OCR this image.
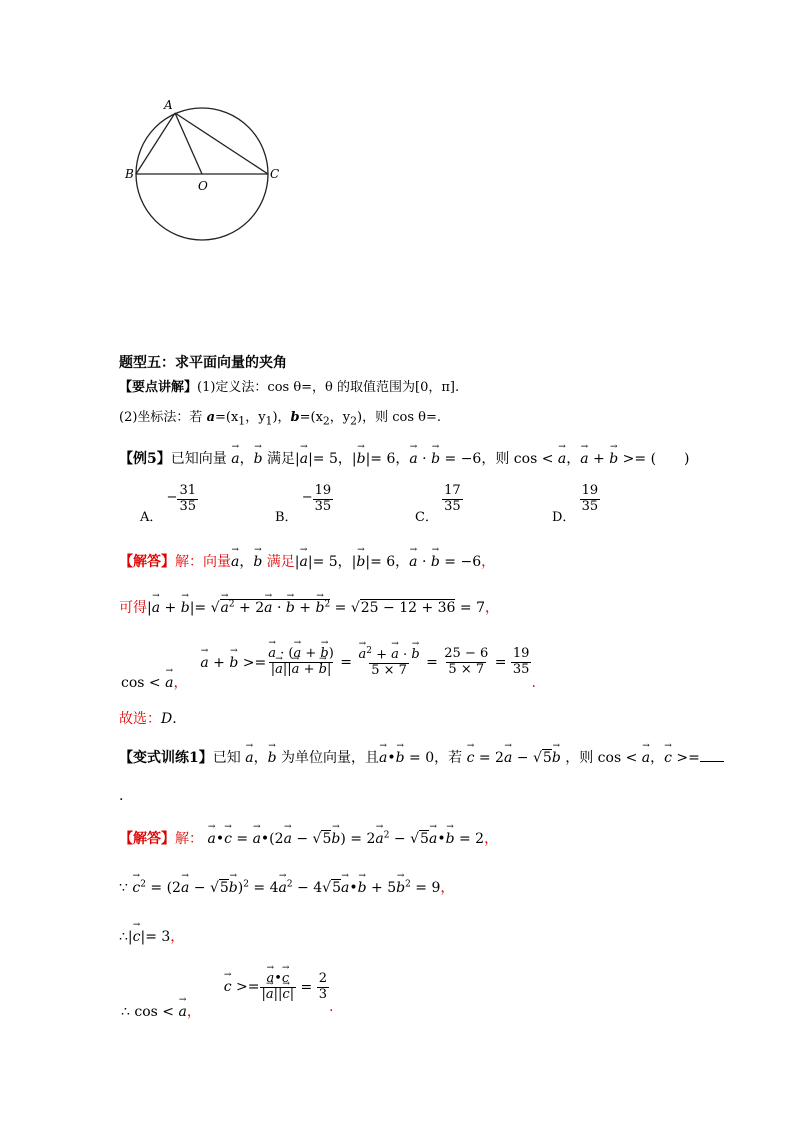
A
B
O
C
题型五：求平面向量的夹角
【要点讲解】(1)定义法：cos θ=，θ 的取值范围为[0，π].
(2)坐标法：若 $a=(x_1$，$y_1$)，$b=(x_2$，$y_2$)，则 cos θ=.
【例5】已知向量 → a，→ b 满足|→ a|= 5，|→ b|= 6，→ a · → b = −6，则 cos < → a，→ a + → b >= (　　)
A． − $\frac{31}{35}$
B． − $\frac{19}{35}$
C．
$\frac{17}{35}$
D．
$\frac{19}{35}$
【解答】解：向量→ a，→ b 满足|→ a|= 5，|→ b|= 6，→ a · → b = −6，
可得|→ a + → b|= √→ $a^2 + 2\to a$ · → b + → $b^2 = √25 - 12 + 36 = 7$，
cos < → a，  → a + → b >= → $\frac{a \cdot (\to a + \to b)}{|\to a||\to a + \to b|}$ = → $\frac{a^2 + \to a \cdot \to b}{5 \times 7} = \frac{25 - 6}{5 \times 7} = \frac{19}{35}$
.
故选：D.
【变式训练1】已知 → a，→ b 为单位向量，且→ a•→ b = 0，若 → c = 2→ a − √5→ b ，则 cos < → a，→ c >=
.
【解答】解： → a•→ c = → a•(2→ $a - √5\to b) = 2\to a^2 - √5\to$ a•→ b = 2，
∵ → $c^2 = (2\to a - √5\to b)^2 = 4\to a^2 - 4√5\to$ a•→ $b + 5\to b^2 = 9$，
∴|→ c|= 3，
∴ cos < → a，  → c >= → $\frac{a•\to c}{|\to a||\to c|} = \frac{2}{3}$
.
